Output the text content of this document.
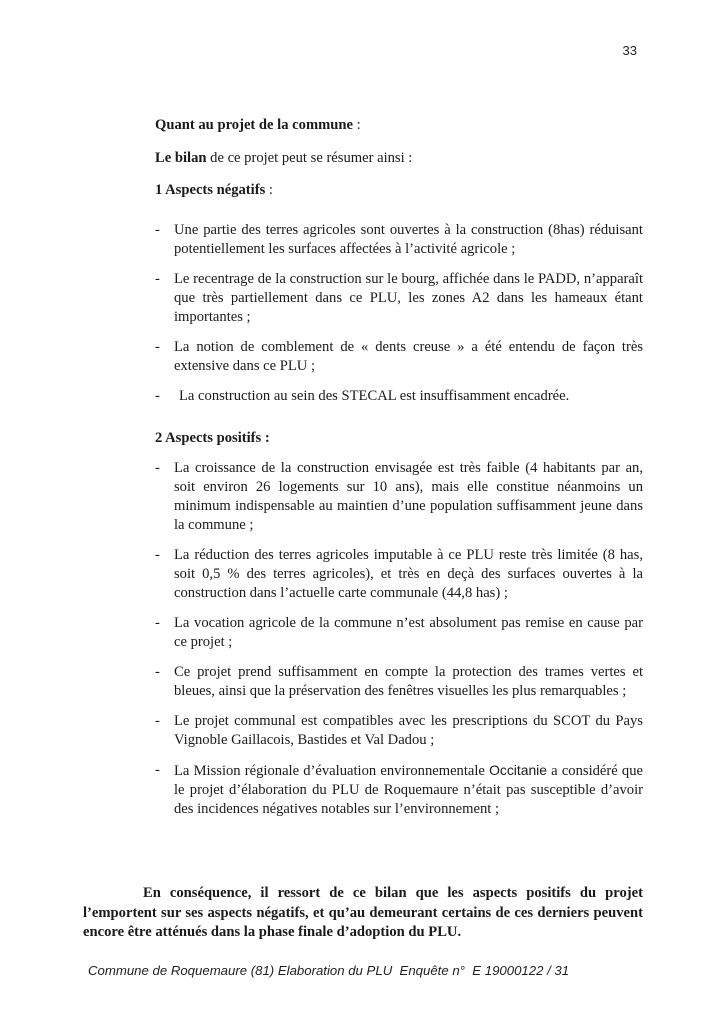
33

Quant au projet de la commune :

Le bilan de ce projet peut se résumer ainsi :

1 Aspects négatifs :

- Une partie des terres agricoles sont ouvertes à la construction (8has) réduisant potentiellement les surfaces affectées à l’activité agricole ;
- Le recentrage de la construction sur le bourg, affichée dans le PADD, n’apparaît que très partiellement dans ce PLU, les zones A2 dans les hameaux étant importantes ;
- La notion de comblement de « dents creuse » a été entendu de façon très extensive dans ce PLU ;
-	La construction au sein des STECAL est insuffisamment encadrée.

2 Aspects positifs :

- La croissance de la construction envisagée est très faible (4 habitants par an, soit environ 26 logements sur 10 ans), mais elle constitue néanmoins un minimum indispensable au maintien d’une population suffisamment jeune dans la commune ;
- La réduction des terres agricoles imputable à ce PLU reste très limitée (8 has, soit 0,5 % des terres agricoles), et très en deçà des surfaces ouvertes à la construction dans l’actuelle carte communale (44,8 has) ;
- La vocation agricole de la commune n’est absolument pas remise en cause par ce projet ;
- Ce projet prend suffisamment en compte la protection des trames vertes et bleues, ainsi que la préservation des fenêtres visuelles les plus remarquables ;
- Le projet communal est compatibles avec les prescriptions du SCOT du Pays Vignoble Gaillacois, Bastides et Val Dadou ;
- La Mission régionale d’évaluation environnementale Occitanie a considéré que le projet d’élaboration du PLU de Roquemaure n’était pas susceptible d’avoir des incidences négatives notables sur l’environnement ;
En conséquence, il ressort de ce bilan que les aspects positifs du projet l’emportent sur ses aspects négatifs, et qu’au demeurant certains de ces derniers peuvent encore être atténués dans la phase finale d’adoption du PLU.
Commune de Roquemaure (81) Elaboration du PLU  Enquête n°  E 19000122 / 31
